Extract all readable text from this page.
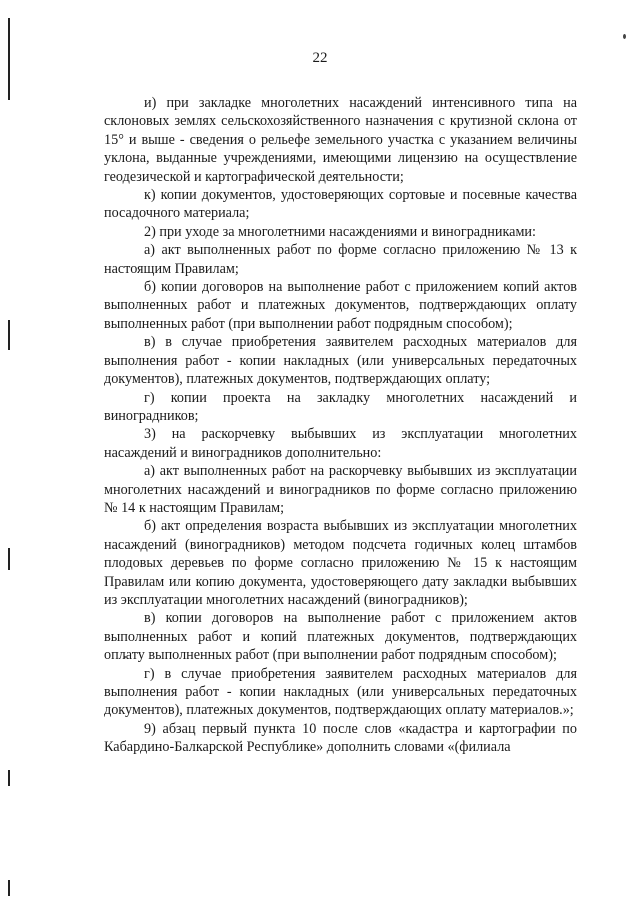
22

и) при закладке многолетних насаждений интенсивного типа на склоновых землях сельскохозяйственного назначения с крутизной склона от 15° и выше - сведения о рельефе земельного участка с указанием величины уклона, выданные учреждениями, имеющими лицензию на осуществление геодезической и картографической деятельности;

к) копии документов, удостоверяющих сортовые и посевные качества посадочного материала;

2) при уходе за многолетними насаждениями и виноградниками:

а) акт выполненных работ по форме согласно приложению № 13 к настоящим Правилам;

б) копии договоров на выполнение работ с приложением копий актов выполненных работ и платежных документов, подтверждающих оплату выполненных работ (при выполнении работ подрядным способом);

в) в случае приобретения заявителем расходных материалов для выполнения работ - копии накладных (или универсальных передаточных документов), платежных документов, подтверждающих оплату;

г) копии проекта на закладку многолетних насаждений и виноградников;

3) на раскорчевку выбывших из эксплуатации многолетних насаждений и виноградников дополнительно:

а) акт выполненных работ на раскорчевку выбывших из эксплуатации многолетних насаждений и виноградников по форме согласно приложению № 14 к настоящим Правилам;

б) акт определения возраста выбывших из эксплуатации многолетних насаждений (виноградников) методом подсчета годичных колец штамбов плодовых деревьев по форме согласно приложению № 15 к настоящим Правилам или копию документа, удостоверяющего дату закладки выбывших из эксплуатации многолетних насаждений (виноградников);

в) копии договоров на выполнение работ с приложением актов выполненных работ и копий платежных документов, подтверждающих оплату выполненных работ (при выполнении работ подрядным способом);

г) в случае приобретения заявителем расходных материалов для выполнения работ - копии накладных (или универсальных передаточных документов), платежных документов, подтверждающих оплату материалов.»;

9) абзац первый пункта 10 после слов «кадастра и картографии по Кабардино-Балкарской Республике» дополнить словами «(филиала
